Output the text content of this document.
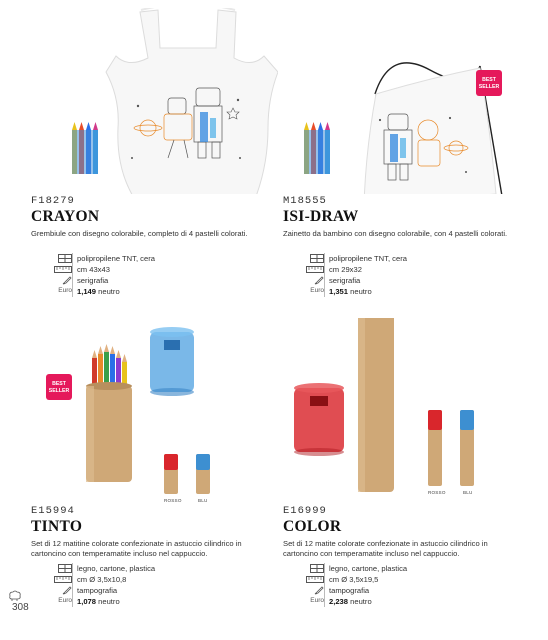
F18279
CRAYON
Grembiule con disegno colorabile, completo di 4 pastelli colorati.
polipropilene TNT, cera
cm 43x43
serigrafia
Euro 1,149 neutro
BEST
SELLER
M18555
ISI-DRAW
Zainetto da bambino con disegno colorabile, con 4 pastelli colorati.
polipropilene TNT, cera
cm 29x32
serigrafia
Euro 1,351 neutro
BEST
SELLER
ROSSO	BLU
E15994
TINTO
Set di 12 matitine colorate confezionate in astuccio cilindrico in cartoncino con temperamatite incluso nel cappuccio.
legno, cartone, plastica
cm Ø 3,5x10,8
tampografia
Euro 1,078 neutro
ROSSO	BLU
E16999
COLOR
Set di 12 matite colorate confezionate in astuccio cilindrico in cartoncino con temperamatite incluso nel cappuccio.
legno, cartone, plastica
cm Ø 3,5x19,5
tampografia
Euro 2,238 neutro
308
